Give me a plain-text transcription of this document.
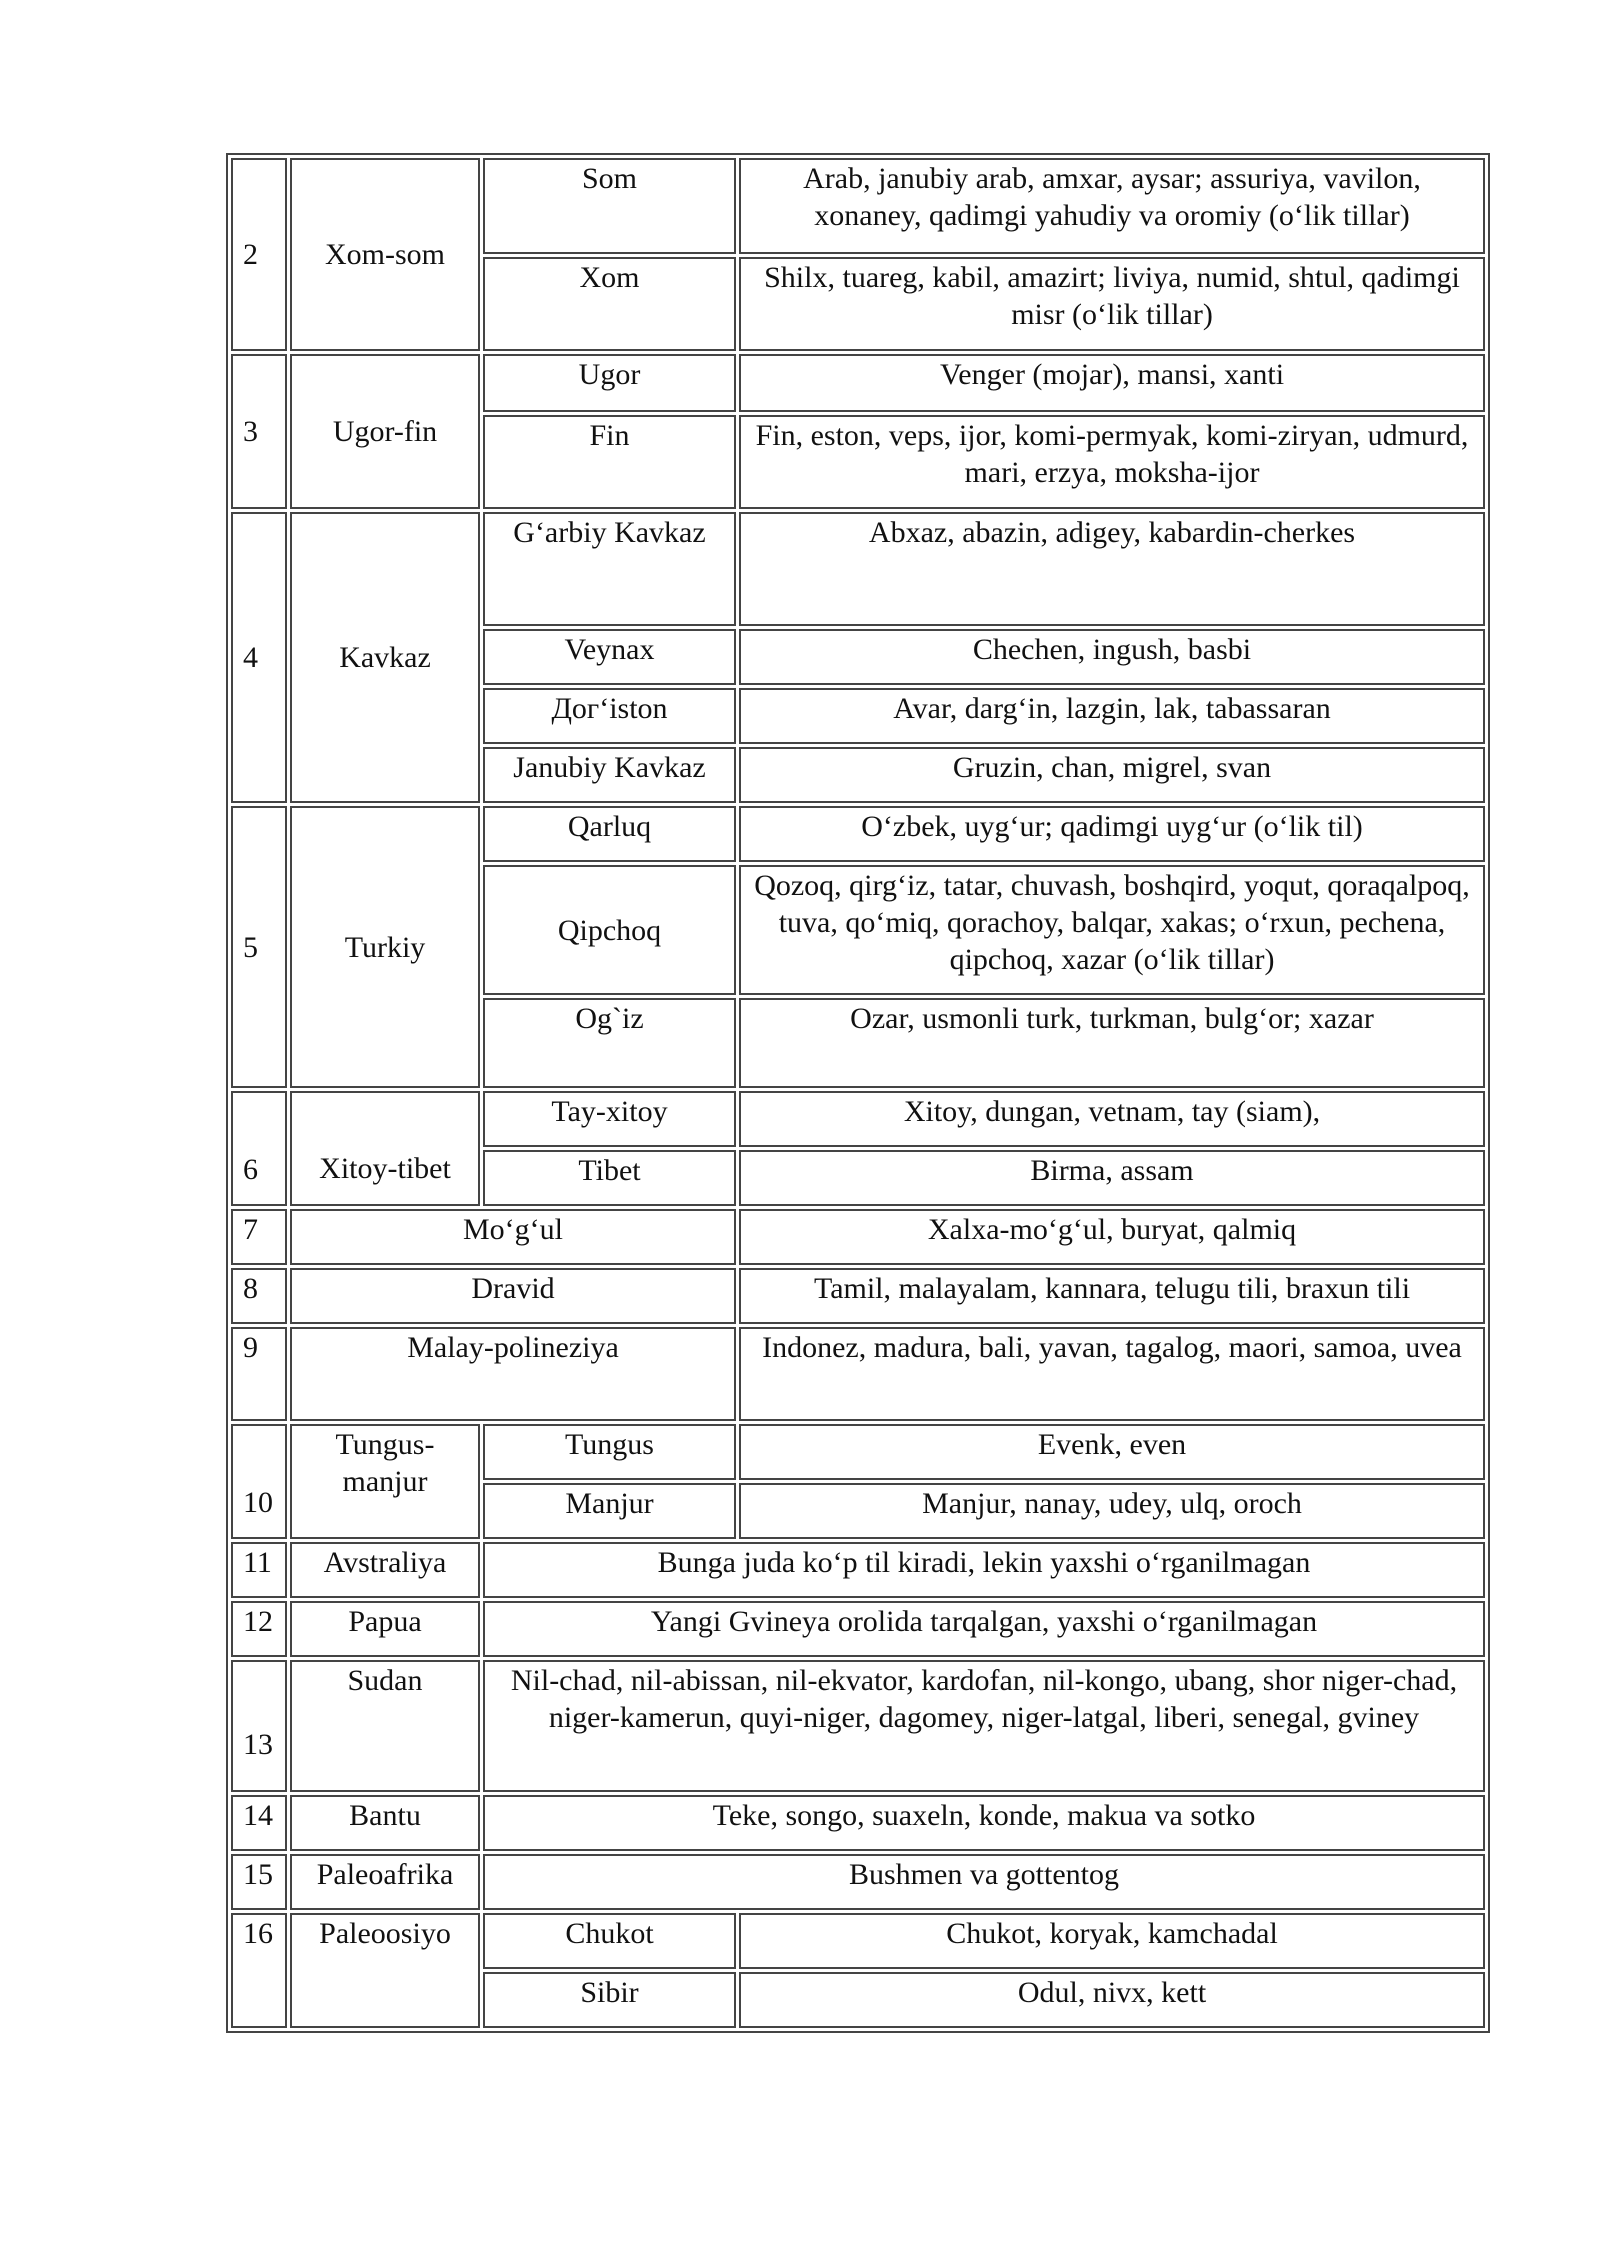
2	Xom-som	Som	Arab, janubiy arab, amxar, aysar; assuriya, vavilon, xonaney, qadimgi yahudiy va oromiy (o‘lik tillar)
		Xom	Shilx, tuareg, kabil, amazirt; liviya, numid, shtul, qadimgi misr (o‘lik tillar)
3	Ugor-fin	Ugor	Venger (mojar), mansi, xanti
		Fin	Fin, eston, veps, ijor, komi-permyak, komi-ziryan, udmurd, mari, erzya, moksha-ijor
4	Kavkaz	G‘arbiy Kavkaz	Abxaz, abazin, adigey, kabardin-cherkes
		Veynax	Chechen, ingush, basbi
		Дог‘iston	Avar, darg‘in, lazgin, lak, tabassaran
		Janubiy Kavkaz	Gruzin, chan, migrel, svan
5	Turkiy	Qarluq	O‘zbek, uyg‘ur; qadimgi uyg‘ur (o‘lik til)
		Qipchoq	Qozoq, qirg‘iz, tatar, chuvash, boshqird, yoqut, qoraqalpoq, tuva, qo‘miq, qorachoy, balqar, xakas; o‘rxun, pechena, qipchoq, xazar (o‘lik tillar)
		Og`iz	Ozar, usmonli turk, turkman, bulg‘or; xazar
6	Xitoy-tibet	Tay-xitoy	Xitoy, dungan, vetnam, tay (siam),
		Tibet	Birma, assam
7	Mo‘g‘ul		Xalxa-mo‘g‘ul, buryat, qalmiq
8	Dravid		Tamil, malayalam, kannara, telugu tili, braxun tili
9	Malay-polineziya		Indonez, madura, bali, yavan, tagalog, maori, samoa, uvea
10	Tungus-manjur	Tungus	Evenk, even
		Manjur	Manjur, nanay, udey, ulq, oroch
11	Avstraliya	Bunga juda ko‘p til kiradi, lekin yaxshi o‘rganilmagan	
12	Papua	Yangi Gvineya orolida tarqalgan, yaxshi o‘rganilmagan	
13	Sudan	Nil-chad, nil-abissan, nil-ekvator, kardofan, nil-kongo, ubang, shor niger-chad, niger-kamerun, quyi-niger, dagomey, niger-latgal, liberi, senegal, gviney	
14	Bantu	Teke, songo, suaxeln, konde, makua va sotko	
15	Paleoafrika	Bushmen va gottentog	
16	Paleoosiyo	Chukot	Chukot, koryak, kamchadal
		Sibir	Odul, nivx, kett
